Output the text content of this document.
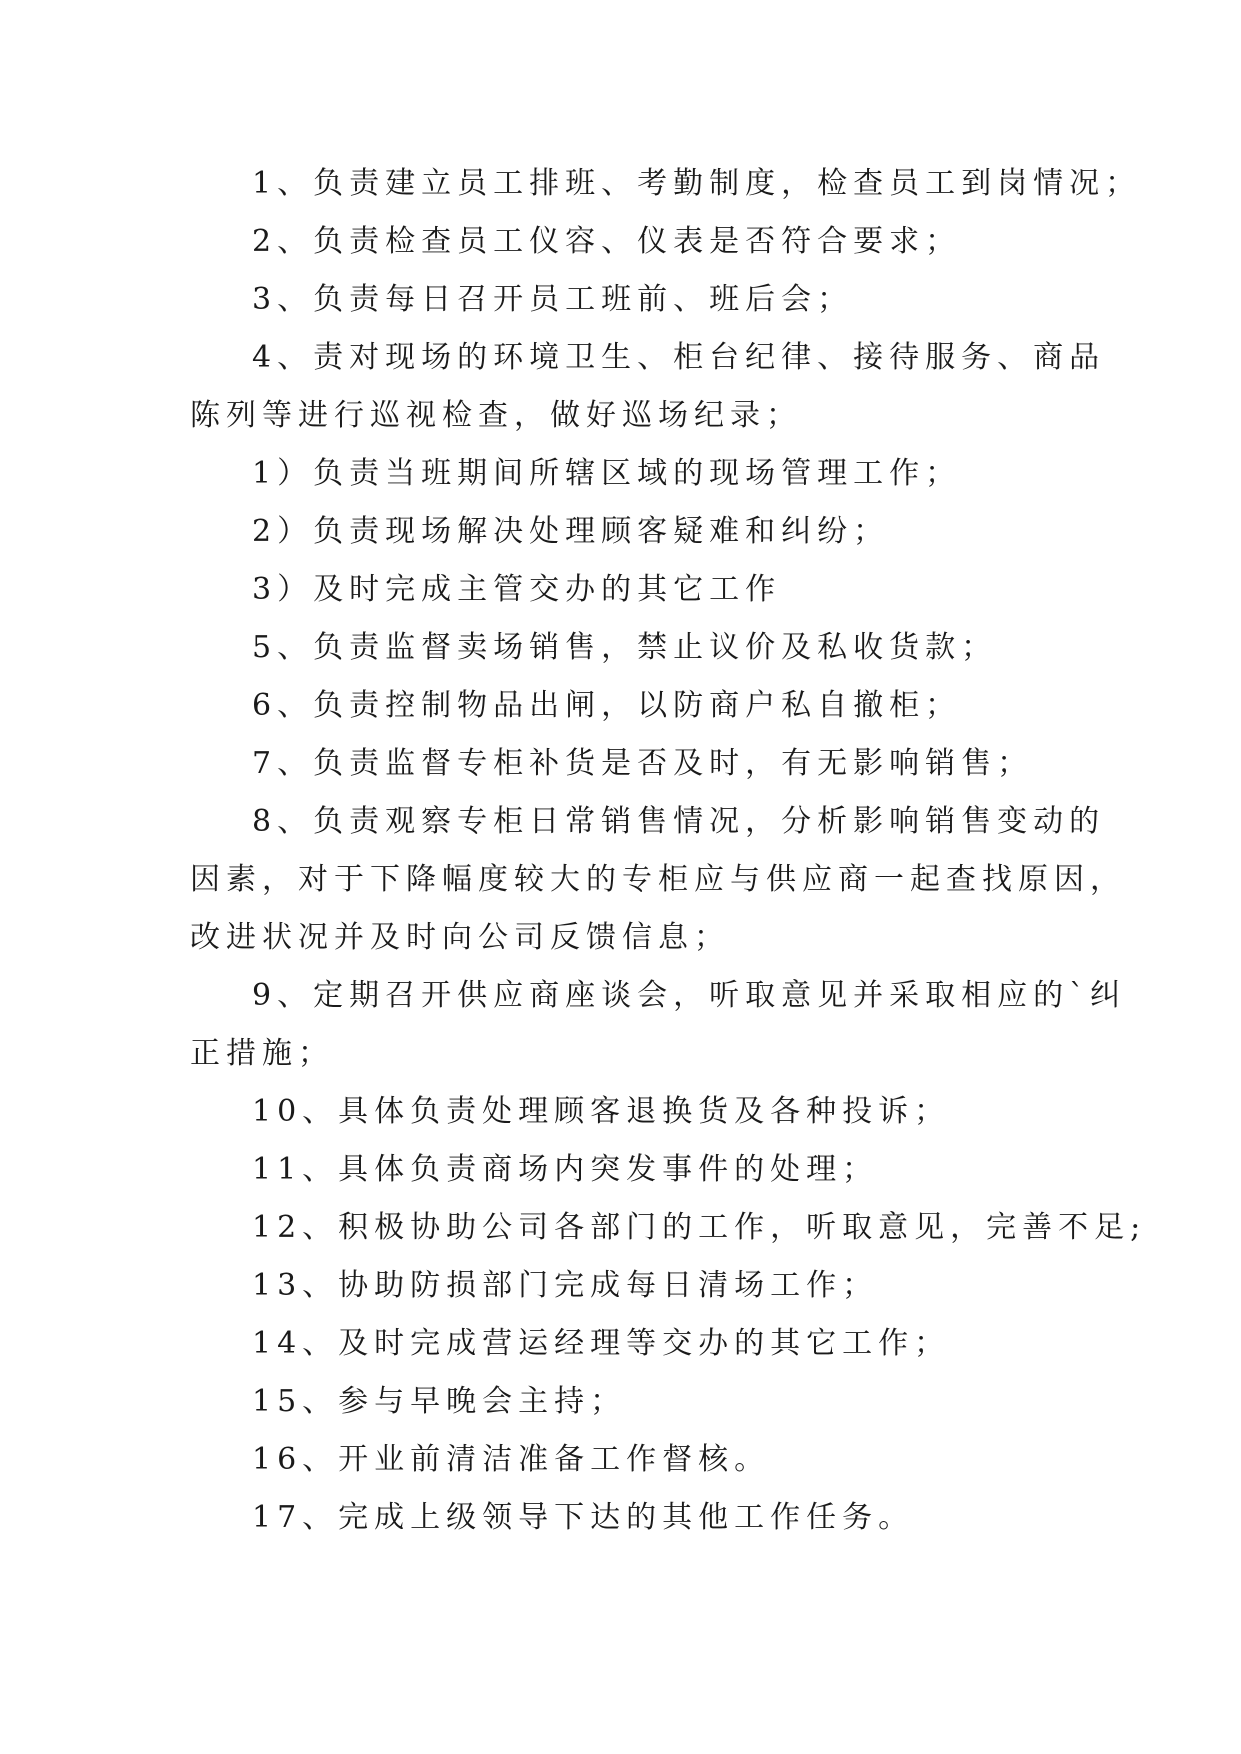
1、负责建立员工排班、考勤制度，检查员工到岗情况；

2、负责检查员工仪容、仪表是否符合要求；

3、负责每日召开员工班前、班后会；

4、责对现场的环境卫生、柜台纪律、接待服务、商品

陈列等进行巡视检查，做好巡场纪录；

1）负责当班期间所辖区域的现场管理工作；

2）负责现场解决处理顾客疑难和纠纷；

3）及时完成主管交办的其它工作

5、负责监督卖场销售，禁止议价及私收货款；

6、负责控制物品出闸，以防商户私自撤柜；

7、负责监督专柜补货是否及时，有无影响销售；

8、负责观察专柜日常销售情况，分析影响销售变动的

因素，对于下降幅度较大的专柜应与供应商一起查找原因，

改进状况并及时向公司反馈信息；

9、定期召开供应商座谈会，听取意见并采取相应的`纠

正措施；

10、具体负责处理顾客退换货及各种投诉；

11、具体负责商场内突发事件的处理；

12、积极协助公司各部门的工作，听取意见，完善不足;

13、协助防损部门完成每日清场工作；

14、及时完成营运经理等交办的其它工作；

15、参与早晚会主持；

16、开业前清洁准备工作督核。

17、完成上级领导下达的其他工作任务。
